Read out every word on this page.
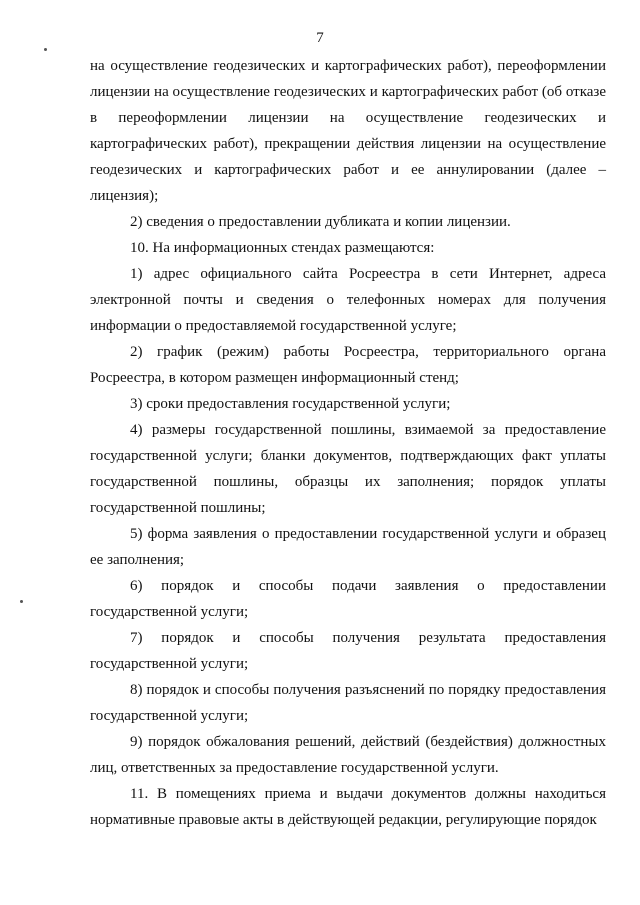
7

на осуществление геодезических и картографических работ), переоформлении лицензии на осуществление геодезических и картографических работ (об отказе в переоформлении лицензии на осуществление геодезических и картографических работ), прекращении действия лицензии на осуществление геодезических и картографических работ и ее аннулировании (далее – лицензия);

2) сведения о предоставлении дубликата и копии лицензии.

10. На информационных стендах размещаются:

1) адрес официального сайта Росреестра в сети Интернет, адреса электронной почты и сведения о телефонных номерах для получения информации о предоставляемой государственной услуге;

2) график (режим) работы Росреестра, территориального органа Росреестра, в котором размещен информационный стенд;

3) сроки предоставления государственной услуги;

4) размеры государственной пошлины, взимаемой за предоставление государственной услуги; бланки документов, подтверждающих факт уплаты государственной пошлины, образцы их заполнения; порядок уплаты государственной пошлины;

5) форма заявления о предоставлении государственной услуги и образец ее заполнения;

6) порядок и способы подачи заявления о предоставлении государственной услуги;

7) порядок и способы получения результата предоставления государственной услуги;

8) порядок и способы получения разъяснений по порядку предоставления государственной услуги;

9) порядок обжалования решений, действий (бездействия) должностных лиц, ответственных за предоставление государственной услуги.

11. В помещениях приема и выдачи документов должны находиться нормативные правовые акты в действующей редакции, регулирующие порядок
